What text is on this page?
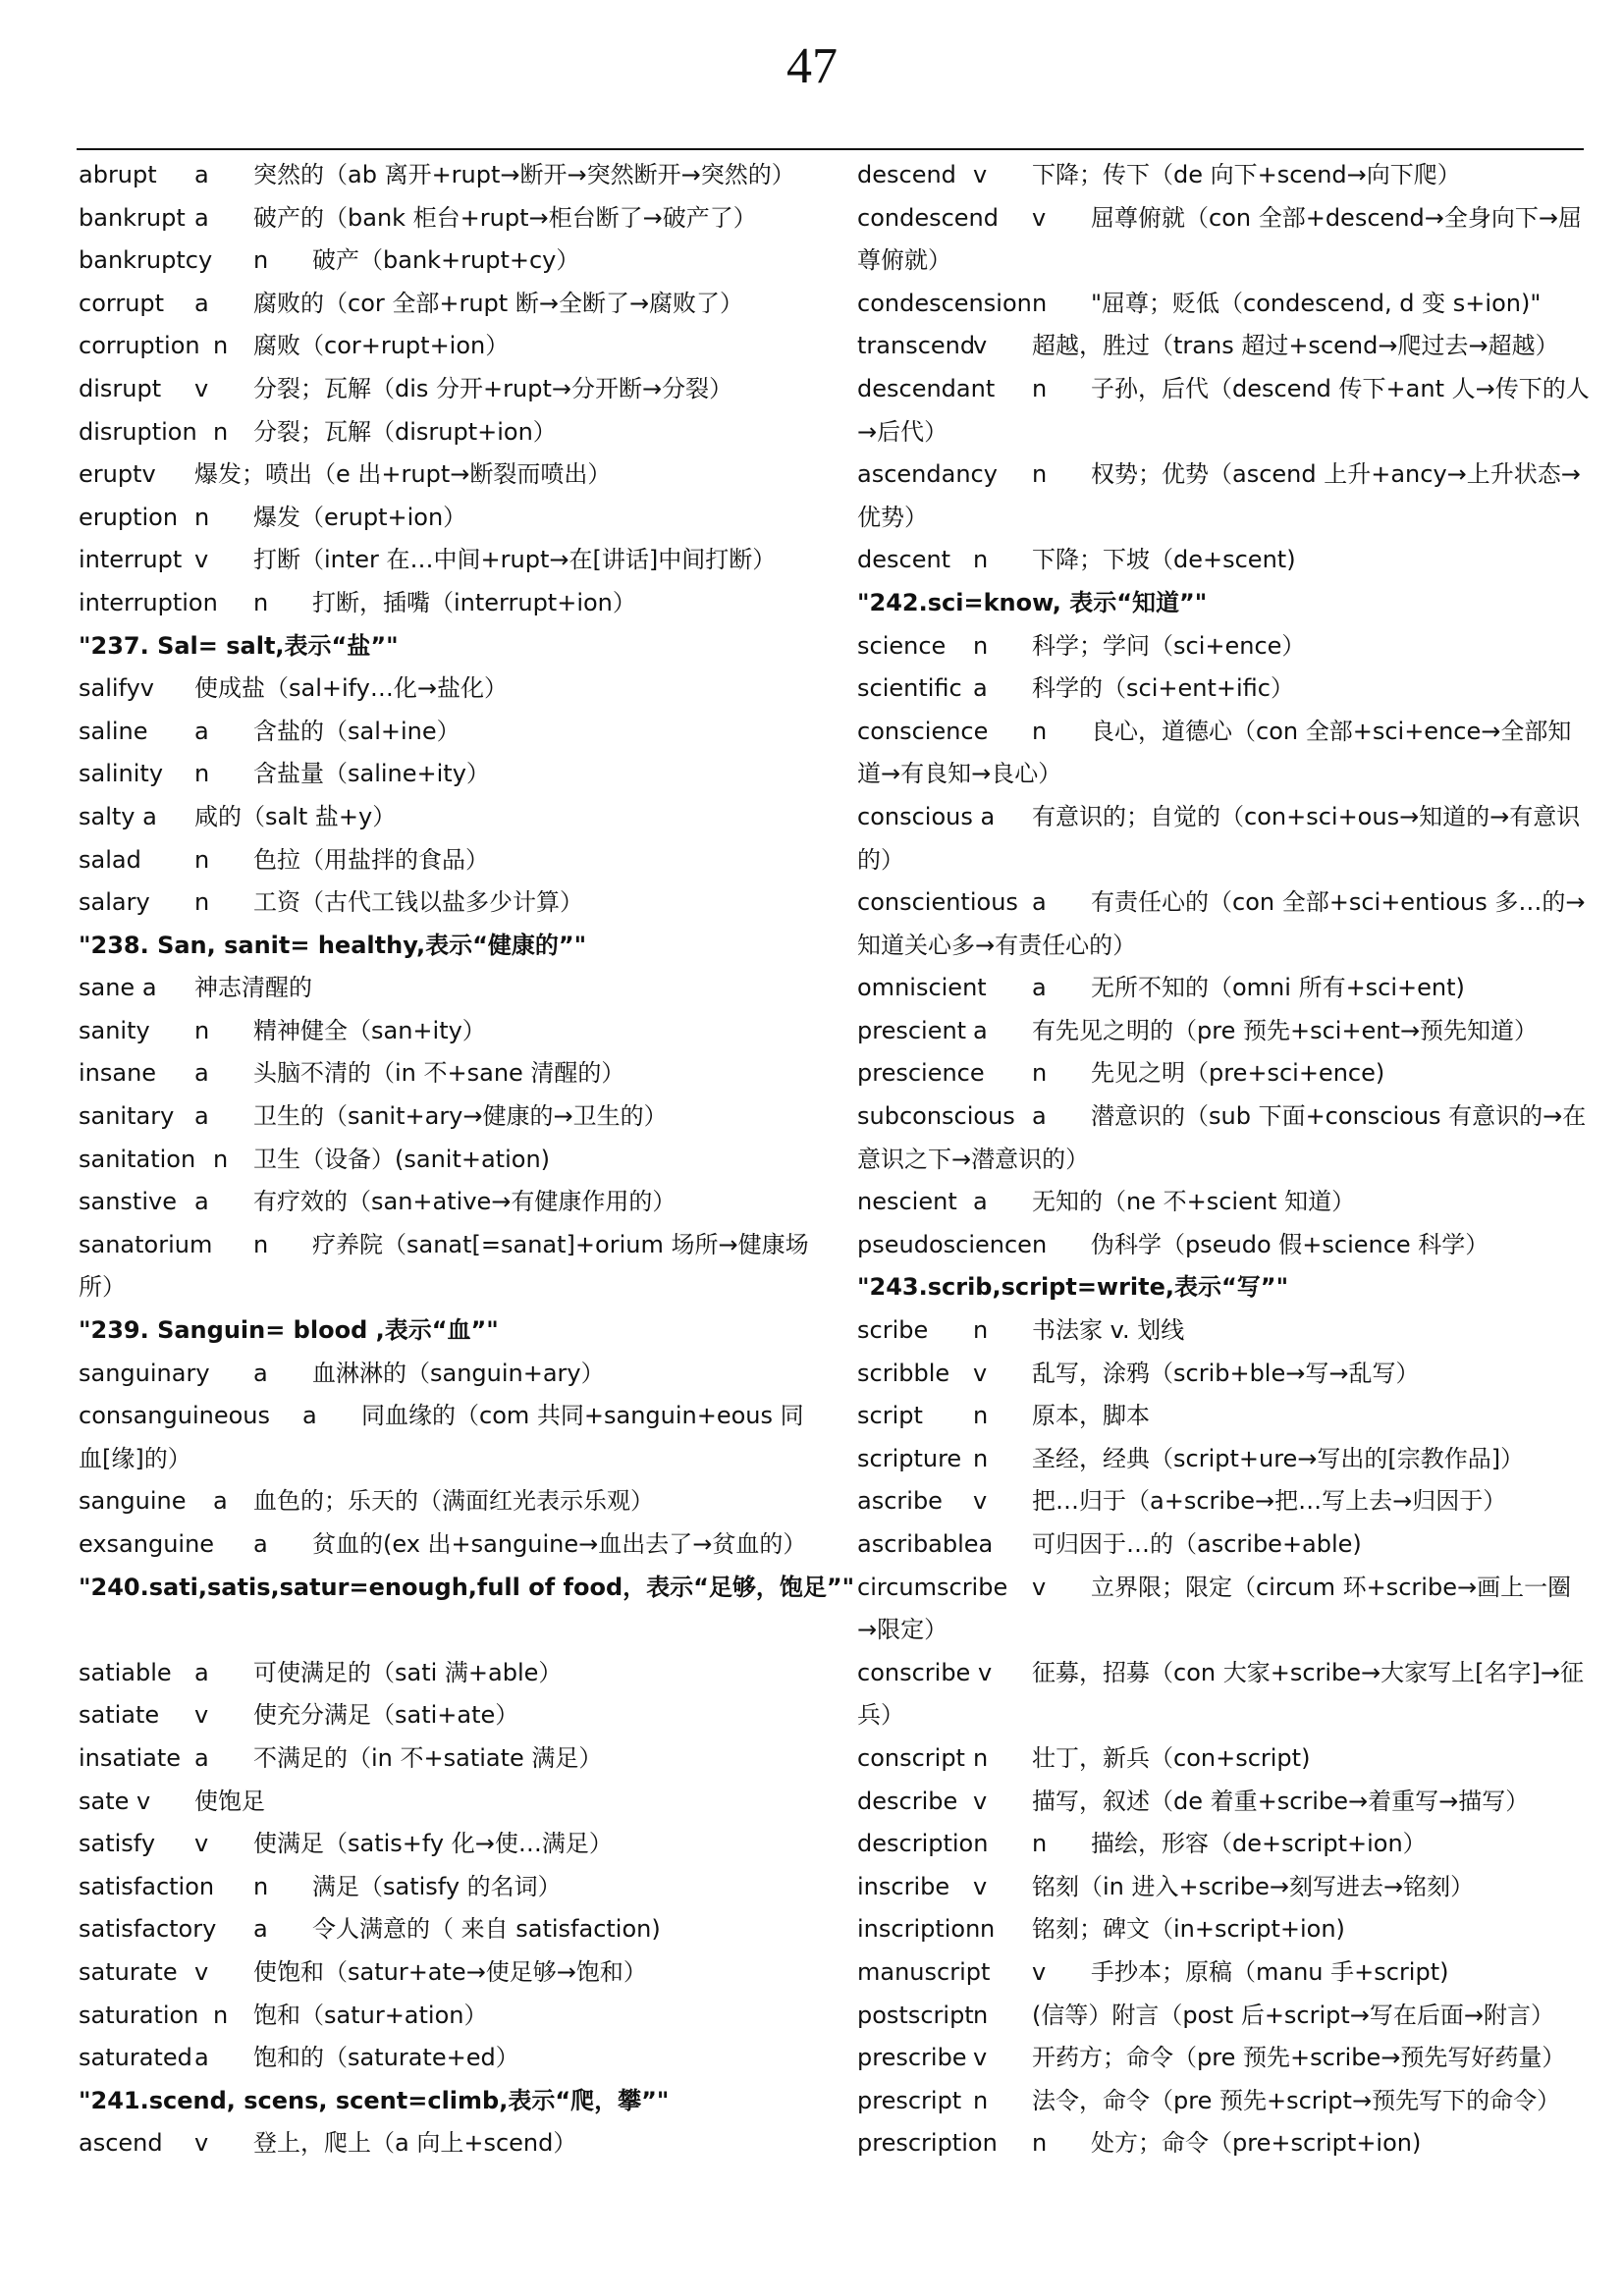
47
abrupt a 突然的（ab 离开+rupt→断开→突然断开→突然的）
bankrupt a 破产的（bank 柜台+rupt→柜台断了→破产了）
bankruptcy n 破产（bank+rupt+cy）
corrupt a 腐败的（cor 全部+rupt 断→全断了→腐败了）
corruption n 腐败（cor+rupt+ion）
disrupt v 分裂；瓦解（dis 分开+rupt→分开断→分裂）
disruption n 分裂；瓦解（disrupt+ion）
eruptv 爆发；喷出（e 出+rupt→断裂而喷出）
eruption n 爆发（erupt+ion）
interrupt v 打断（inter 在…中间+rupt→在[讲话]中间打断）
interruption n 打断，插嘴（interrupt+ion）
"237. Sal= salt,表示“盐”"
salifyv 使成盐（sal+ify…化→盐化）
saline a 含盐的（sal+ine）
salinity n 含盐量（saline+ity）
salty a 咸的（salt 盐+y）
salad n 色拉（用盐拌的食品）
salary n 工资（古代工钱以盐多少计算）
"238. San, sanit= healthy,表示“健康的”"
sane a 神志清醒的
sanity n 精神健全（san+ity）
insane a 头脑不清的（in 不+sane 清醒的）
sanitary a 卫生的（sanit+ary→健康的→卫生的）
sanitation n 卫生（设备）(sanit+ation)
sanstive a 有疗效的（san+ative→有健康作用的）
sanatorium n 疗养院（sanat[=sanat]+orium 场所→健康场
所）
"239. Sanguin= blood ,表示“血”"
sanguinary a 血淋淋的（sanguin+ary）
consanguineous a 同血缘的（com 共同+sanguin+eous 同
血[缘]的）
sanguine a 血色的；乐天的（满面红光表示乐观）
exsanguine a 贫血的(ex 出+sanguine→血出去了→贫血的）
"240.sati,satis,satur=enough,full of food，表示“足够，饱足”"
satiable a 可使满足的（sati 满+able）
satiate v 使充分满足（sati+ate）
insatiate a 不满足的（in 不+satiate 满足）
sate v 使饱足
satisfy v 使满足（satis+fy 化→使…满足）
satisfaction n 满足（satisfy 的名词）
satisfactory a 令人满意的（ 来自 satisfaction)
saturate v 使饱和（satur+ate→使足够→饱和）
saturation n 饱和（satur+ation）
saturated a 饱和的（saturate+ed）
"241.scend, scens, scent=climb,表示“爬，攀”"
ascend v 登上，爬上（a 向上+scend）
descend v 下降；传下（de 向下+scend→向下爬）
condescend v 屈尊俯就（con 全部+descend→全身向下→屈
尊俯就）
condescension n "屈尊；贬低（condescend, d 变 s+ion)"
transcend
v 超越，胜过（trans 超过+scend→爬过去→超越）
descendant n 子孙，后代（descend 传下+ant 人→传下的人
→后代）
ascendancy n 权势；优势（ascend 上升+ancy→上升状态→
优势）
descent n 下降；下坡（de+scent)
"242.sci=know, 表示“知道”"
science n 科学；学问（sci+ence）
scientific a 科学的（sci+ent+ific）
conscience n 良心，道德心（con 全部+sci+ence→全部知
道→有良知→良心）
conscious a 有意识的；自觉的（con+sci+ous→知道的→有意识
的）
conscientious a 有责任心的（con 全部+sci+entious 多…的→
知道关心多→有责任心的）
omniscient a 无所不知的（omni 所有+sci+ent)
prescient a 有先见之明的（pre 预先+sci+ent→预先知道）
prescience n 先见之明（pre+sci+ence)
subconscious a 潜意识的（sub 下面+conscious 有意识的→在
意识之下→潜意识的）
nescient a 无知的（ne 不+scient 知道）
pseudoscience n 伪科学（pseudo 假+science 科学）
"243.scrib,script=write,表示“写”"
scribe n 书法家 v. 划线
scribble v 乱写，涂鸦（scrib+ble→写→乱写）
script n 原本，脚本
scripture n 圣经，经典（script+ure→写出的[宗教作品]）
ascribe v 把…归于（a+scribe→把…写上去→归因于）
ascribablea 可归因于…的（ascribe+able)
circumscribe v 立界限；限定（circum 环+scribe→画上一圈
→限定）
conscribe v 征募，招募（con 大家+scribe→大家写上[名字]→征
兵）
conscript n 壮丁，新兵（con+script)
describe v 描写，叙述（de 着重+scribe→着重写→描写）
description n 描绘，形容（de+script+ion）
inscribe v 铭刻（in 进入+scribe→刻写进去→铭刻）
inscription n 铭刻；碑文（in+script+ion)
manuscript v 手抄本；原稿（manu 手+script)
postscript n (信等）附言（post 后+script→写在后面→附言）
prescribe v 开药方；命令（pre 预先+scribe→预先写好药量）
prescript n 法令，命令（pre 预先+script→预先写下的命令）
prescription n 处方；命令（pre+script+ion)
